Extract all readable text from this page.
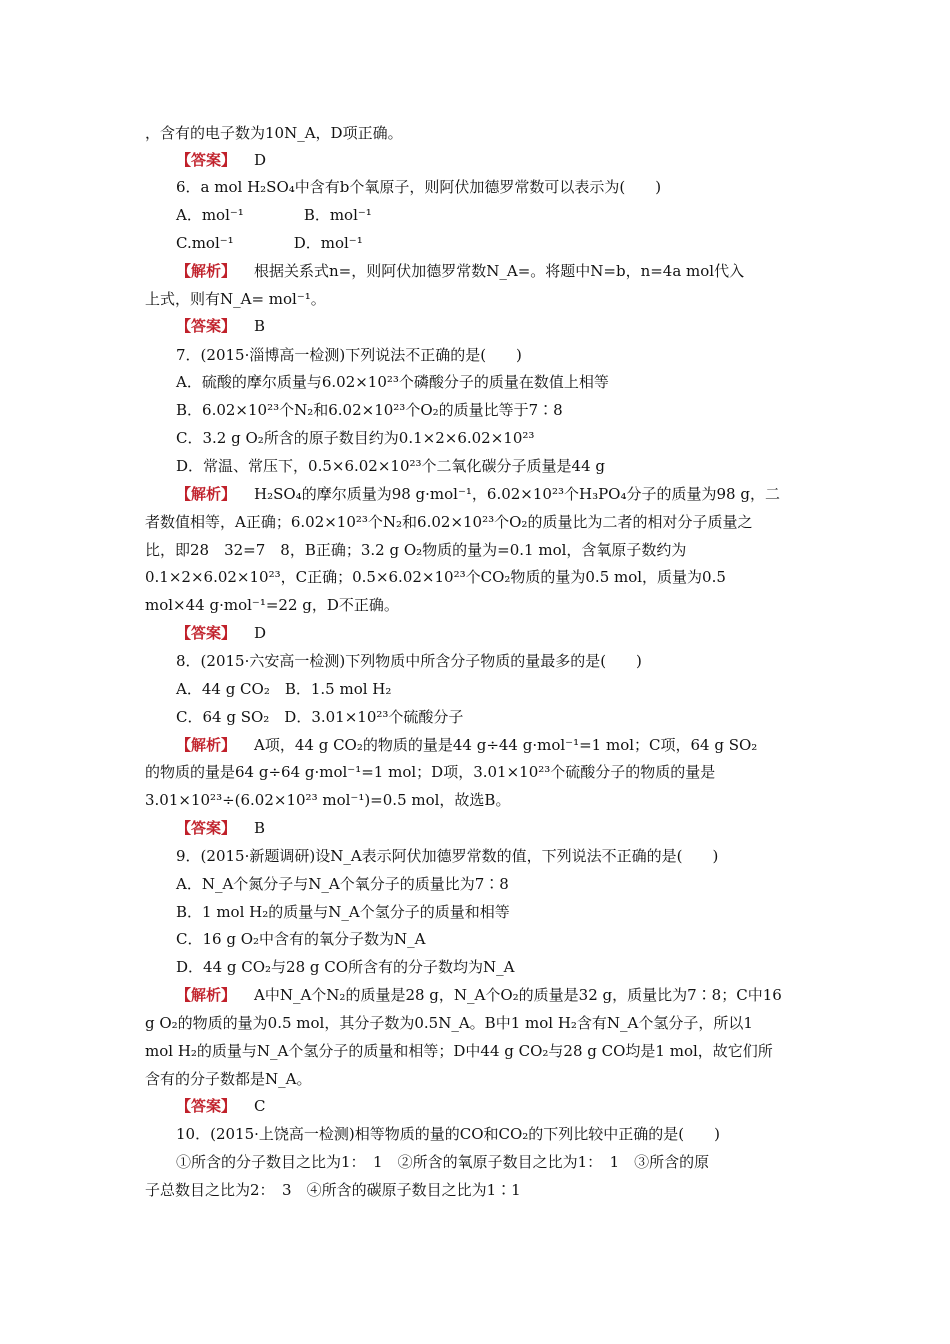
，含有的电子数为10N_A，D项正确。
【答案】 D
6．a mol H₂SO₄中含有b个氧原子，则阿伏加德罗常数可以表示为(　　)
A．mol⁻¹　　　　B．mol⁻¹
C.mol⁻¹　　　　D．mol⁻¹
【解析】 根据关系式n=，则阿伏加德罗常数N_A=。将题中N=b，n=4a mol代入
上式，则有N_A= mol⁻¹。
【答案】 B
7．(2015·淄博高一检测)下列说法不正确的是(　　)
A．硫酸的摩尔质量与6.02×10²³个磷酸分子的质量在数值上相等
B．6.02×10²³个N₂和6.02×10²³个O₂的质量比等于7∶8
C．3.2 g O₂所含的原子数目约为0.1×2×6.02×10²³
D．常温、常压下，0.5×6.02×10²³个二氧化碳分子质量是44 g
【解析】 H₂SO₄的摩尔质量为98 g·mol⁻¹，6.02×10²³个H₃PO₄分子的质量为98 g，二
者数值相等，A正确；6.02×10²³个N₂和6.02×10²³个O₂的质量比为二者的相对分子质量之
比，即28　32=7　8，B正确；3.2 g O₂物质的量为=0.1 mol，含氧原子数约为
0.1×2×6.02×10²³，C正确；0.5×6.02×10²³个CO₂物质的量为0.5 mol，质量为0.5
mol×44 g·mol⁻¹=22 g，D不正确。
【答案】 D
8．(2015·六安高一检测)下列物质中所含分子物质的量最多的是(　　)
A．44 g CO₂　B．1.5 mol H₂
C．64 g SO₂　D．3.01×10²³个硫酸分子
【解析】 A项，44 g CO₂的物质的量是44 g÷44 g·mol⁻¹=1 mol；C项，64 g SO₂
的物质的量是64 g÷64 g·mol⁻¹=1 mol；D项，3.01×10²³个硫酸分子的物质的量是
3.01×10²³÷(6.02×10²³ mol⁻¹)=0.5 mol，故选B。
【答案】 B
9．(2015·新题调研)设N_A表示阿伏加德罗常数的值，下列说法不正确的是(　　)
A．N_A个氮分子与N_A个氧分子的质量比为7∶8
B．1 mol H₂的质量与N_A个氢分子的质量和相等
C．16 g O₂中含有的氧分子数为N_A
D．44 g CO₂与28 g CO所含有的分子数均为N_A
【解析】 A中N_A个N₂的质量是28 g，N_A个O₂的质量是32 g，质量比为7∶8；C中16
g O₂的物质的量为0.5 mol，其分子数为0.5N_A。B中1 mol H₂含有N_A个氢分子，所以1
mol H₂的质量与N_A个氢分子的质量和相等；D中44 g CO₂与28 g CO均是1 mol，故它们所
含有的分子数都是N_A。
【答案】 C
10．(2015·上饶高一检测)相等物质的量的CO和CO₂的下列比较中正确的是(　　)
①所含的分子数目之比为1：　1　②所含的氧原子数目之比为1：　1　③所含的原
子总数目之比为2：　3　④所含的碳原子数目之比为1∶1
